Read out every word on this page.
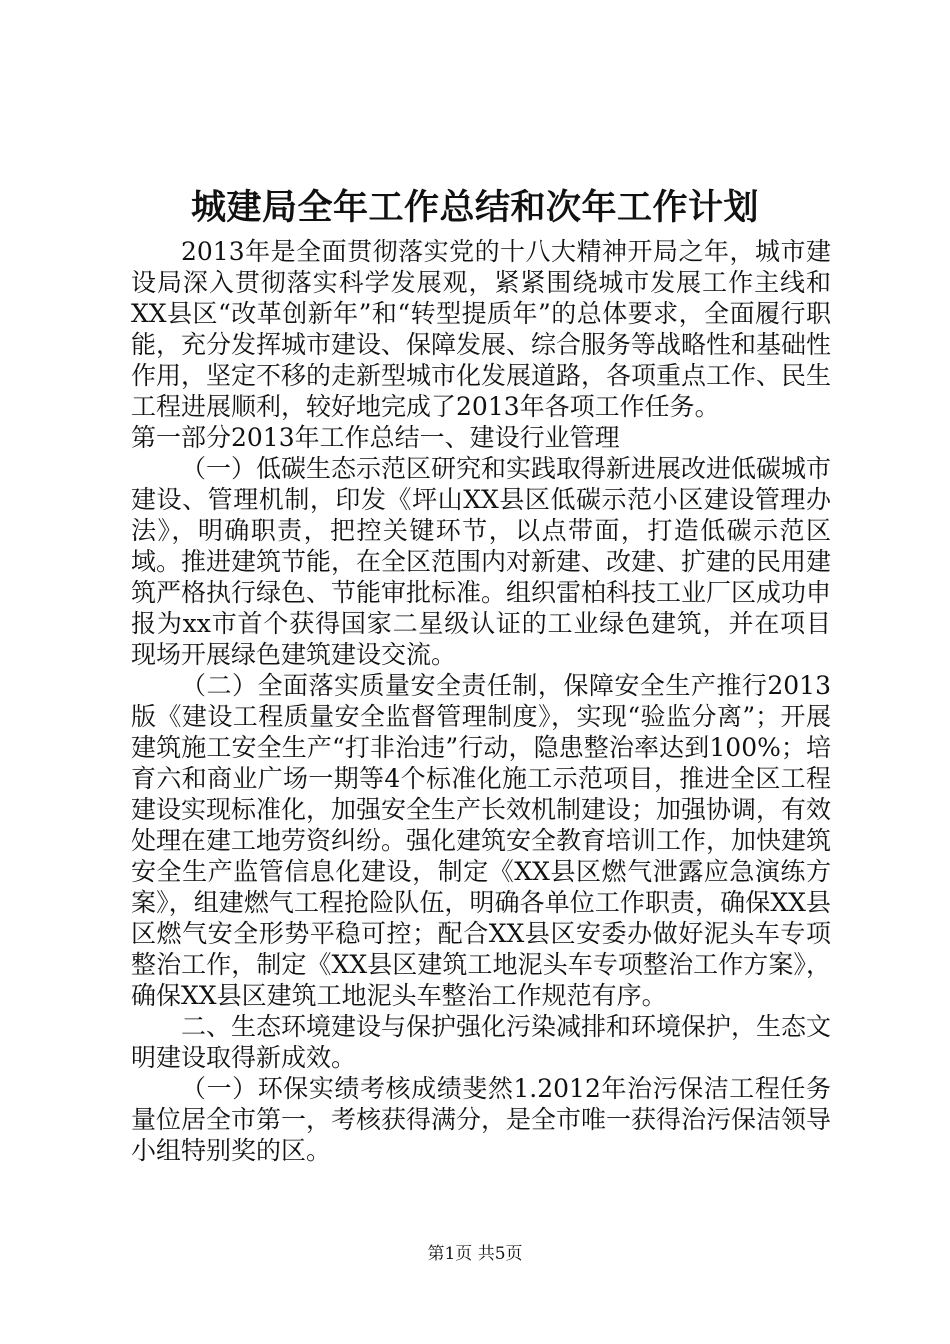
城建局全年工作总结和次年工作计划

2013年是全面贯彻落实党的十八大精神开局之年，城市建设局深入贯彻落实科学发展观，紧紧围绕城市发展工作主线和XX县区“改革创新年”和“转型提质年”的总体要求，全面履行职能，充分发挥城市建设、保障发展、综合服务等战略性和基础性作用，坚定不移的走新型城市化发展道路，各项重点工作、民生工程进展顺利，较好地完成了2013年各项工作任务。

第一部分2013年工作总结一、建设行业管理

（一）低碳生态示范区研究和实践取得新进展改进低碳城市建设、管理机制，印发《坪山XX县区低碳示范小区建设管理办法》，明确职责，把控关键环节，以点带面，打造低碳示范区域。推进建筑节能，在全区范围内对新建、改建、扩建的民用建筑严格执行绿色、节能审批标准。组织雷柏科技工业厂区成功申报为xx市首个获得国家二星级认证的工业绿色建筑，并在项目现场开展绿色建筑建设交流。

（二）全面落实质量安全责任制，保障安全生产推行2013版《建设工程质量安全监督管理制度》，实现“验监分离”；开展建筑施工安全生产“打非治违”行动，隐患整治率达到100%；培育六和商业广场一期等4个标准化施工示范项目，推进全区工程建设实现标准化，加强安全生产长效机制建设；加强协调，有效处理在建工地劳资纠纷。强化建筑安全教育培训工作，加快建筑安全生产监管信息化建设，制定《XX县区燃气泄露应急演练方案》，组建燃气工程抢险队伍，明确各单位工作职责，确保XX县区燃气安全形势平稳可控；配合XX县区安委办做好泥头车专项整治工作，制定《XX县区建筑工地泥头车专项整治工作方案》，确保XX县区建筑工地泥头车整治工作规范有序。

二、生态环境建设与保护强化污染减排和环境保护，生态文明建设取得新成效。

（一）环保实绩考核成绩斐然1.2012年治污保洁工程任务量位居全市第一，考核获得满分，是全市唯一获得治污保洁领导小组特别奖的区。

第1页 共5页
